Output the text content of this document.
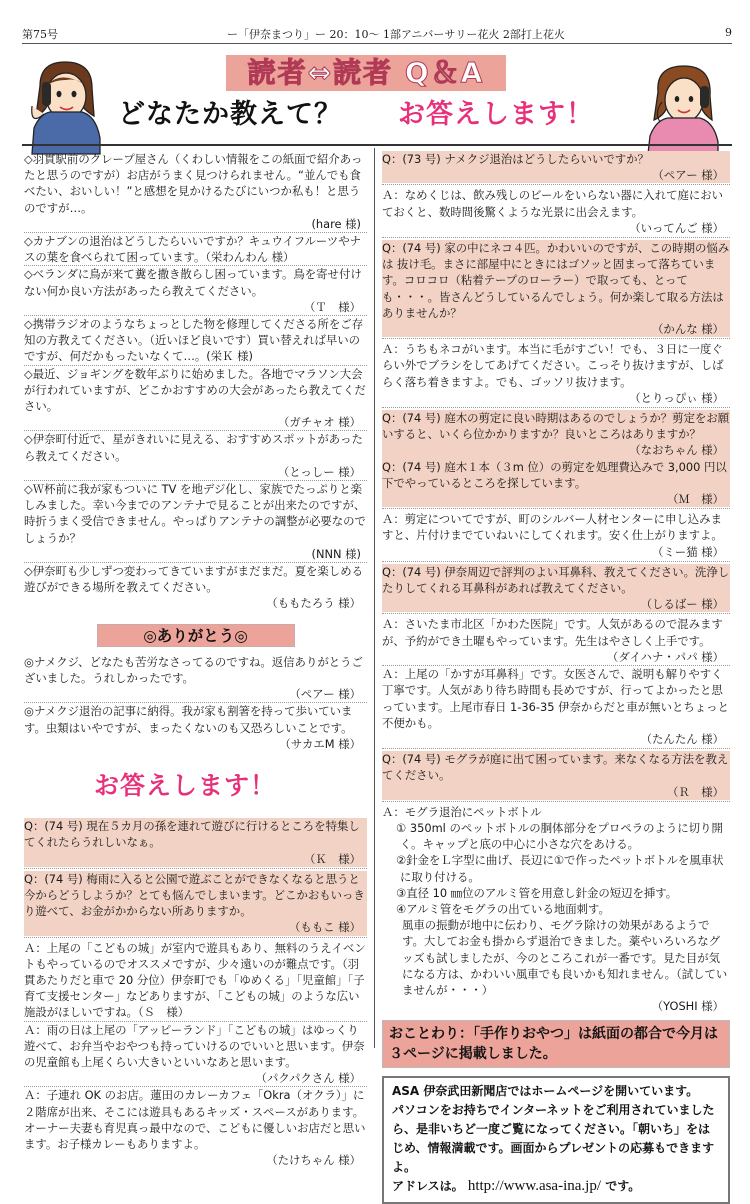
第75号	ー「伊奈まつり」ー 20：10～ 1部アニバーサリー花火 2部打上花火	9
読者⇔読者 Q＆A
どなたか教えて？ お答えします！
◇羽貫駅前のクレープ屋さん（くわしい情報をこの紙面で紹介あったと思うのですが）お店がうまく見つけられません。“並んでも食べたい、おいしい！”と感想を見かけるたびにいつか私も！と思うのですが…。
(hare 様)
◇カナブンの退治はどうしたらいいですか？キュウイフルーツやナスの葉を食べられて困っています。（栄わんわん 様）
◇ベランダに鳥が来て糞を撒き散らし困っています。鳥を寄せ付けない何か良い方法があったら教えてください。
（Ｔ　様）
◇携帯ラジオのようなちょっとした物を修理してくださる所をご存知の方教えてください。（近いほど良いです）買い替えれば早いのですが、何だかもったいなくて…。(栄Ｋ 様)
◇最近、ジョギングを数年ぶりに始めました。各地でマラソン大会が行われていますが、どこかおすすめの大会があったら教えてください。
（ガチャオ 様）
◇伊奈町付近で、星がきれいに見える、おすすめスポットがあったら教えてください。
（とっしー 様）
◇Ｗ杯前に我が家もついに TV を地デジ化し、家族でたっぷりと楽しみました。幸い今までのアンテナで見ることが出来たのですが、時折うまく受信できません。やっぱりアンテナの調整が必要なのでしょうか？
(NNN 様)
◇伊奈町も少しずつ変わってきていますがまだまだ。夏を楽しめる遊びができる場所を教えてください。
（ももたろう 様）
◎ありがとう◎
◎ナメクジ、どなたも苦労なさってるのですね。返信ありがとうございました。うれしかったです。
（ペアー 様）
◎ナメクジ退治の記事に納得。我が家も割箸を持って歩いています。虫類はいやですが、まったくないのも又恐ろしいことです。
（サカエM 様）
お答えします！
Q：(74 号) 現在５カ月の孫を連れて遊びに行けるところを特集してくれたらうれしいなぁ。
（Ｋ　様）
Q：(74 号) 梅雨に入ると公園で遊ぶことができなくなると思うと今からどうしようか？とても悩んでしまいます。どこかおもいっきり遊べて、お金がかからない所ありますか。
（ももこ 様）
Ａ：上尾の「こどもの城」が室内で遊具もあり、無料のうえイベントもやっているのでオススメですが、少々遠いのが難点です。（羽貫あたりだと車で 20 分位）伊奈町でも「ゆめくる」「児童館」「子育て支援センター」などありますが、「こどもの城」のような広い施設がほしいですね。（Ｓ　様）
Ａ：雨の日は上尾の「アッピーランド」「こどもの城」はゆっくり遊べて、お弁当やおやつも持っていけるのでいいと思います。伊奈の児童館も上尾くらい大きいといいなあと思います。
（パクパクさん 様）
Ａ：子連れ OK のお店。蓮田のカレーカフェ「Okra（オクラ）」に２階席が出来、そこには遊具もあるキッズ・スペースがあります。オーナー夫妻も育児真っ最中なので、こどもに優しいお店だと思います。お子様カレーもありますよ。
（たけちゃん 様）
Q：(73 号) ナメクジ退治はどうしたらいいですか？
（ペアー 様）
Ａ：なめくじは、飲み残しのビールをいらない器に入れて庭においておくと、数時間後驚くような光景に出会えます。
（いってんご 様）
Q：(74 号) 家の中にネコ４匹。かわいいのですが、この時期の悩みは 抜け毛。まさに部屋中にときにはゴソッと固まって落ちています。コロコロ（粘着テープのローラー）で取っても、とっても・・・。皆さんどうしているんでしょう。何か楽して取る方法はありませんか？
（かんな 様）
Ａ：うちもネコがいます。本当に毛がすごい！でも、３日に一度ぐらい外でブラシをしてあげてください。こっそり抜けますが、しばらく落ち着きますよ。でも、ゴッソリ抜けます。
（とりっぴぃ 様）
Q：(74 号) 庭木の剪定に良い時期はあるのでしょうか？剪定をお願いすると、いくら位かかりますか？良いところはありますか？
（なおちゃん 様）
Q：(74 号) 庭木１本（３m 位）の剪定を処理費込みで 3,000 円以下でやっているところを探しています。
（Ｍ　様）
Ａ：剪定についてですが、町のシルバー人材センターに申し込みますと、片付けまでていねいにしてくれます。安く仕上がりますよ。
（ミー猫 様）
Q：(74 号) 伊奈周辺で評判のよい耳鼻科、教えてください。洗浄したりしてくれる耳鼻科があれば教えてください。
（しるばー 様）
Ａ：さいたま市北区「かわた医院」です。人気があるので混みますが、予約ができ土曜もやっています。先生はやさしく上手です。
（ダイハナ・パパ 様）
Ａ：上尾の「かすが耳鼻科」です。女医さんで、説明も解りやすく丁寧です。人気があり待ち時間も長めですが、行ってよかったと思っています。上尾市春日 1-36-35 伊奈からだと車が無いとちょっと不便かも。
（たんたん 様）
Q：(74 号) モグラが庭に出て困っています。来なくなる方法を教えてください。
（Ｒ　様）
Ａ：モグラ退治にペットボトル
① 350ml のペットボトルの胴体部分をプロペラのように切り開く。キャップと底の中心に小さな穴をあける。
②針金をＬ字型に曲げ、長辺に①で作ったペットボトルを風車状に取り付ける。
③直径 10 ㎜位のアルミ管を用意し針金の短辺を挿す。
④アルミ管をモグラの出ている地面刺す。
風車の振動が地中に伝わり、モグラ除けの効果があるようです。大してお金も掛からず退治できました。薬やいろいろなグッズも試しましたが、今のところこれが一番です。見た目が気になる方は、かわいい風車でも良いかも知れません。（試していませんが・・・）
（YOSHI 様）
おことわり：「手作りおやつ」は紙面の都合で今月は３ページに掲載しました。
ASA 伊奈武田新聞店ではホームページを開いています。
パソコンをお持ちでインターネットをご利用されていましたら、是非いちど一度ご覧になってください。「朝いち」をはじめ、情報満載です。画面からプレゼントの応募もできますよ。
アドレスは。 http://www.asa-ina.jp/ です。
